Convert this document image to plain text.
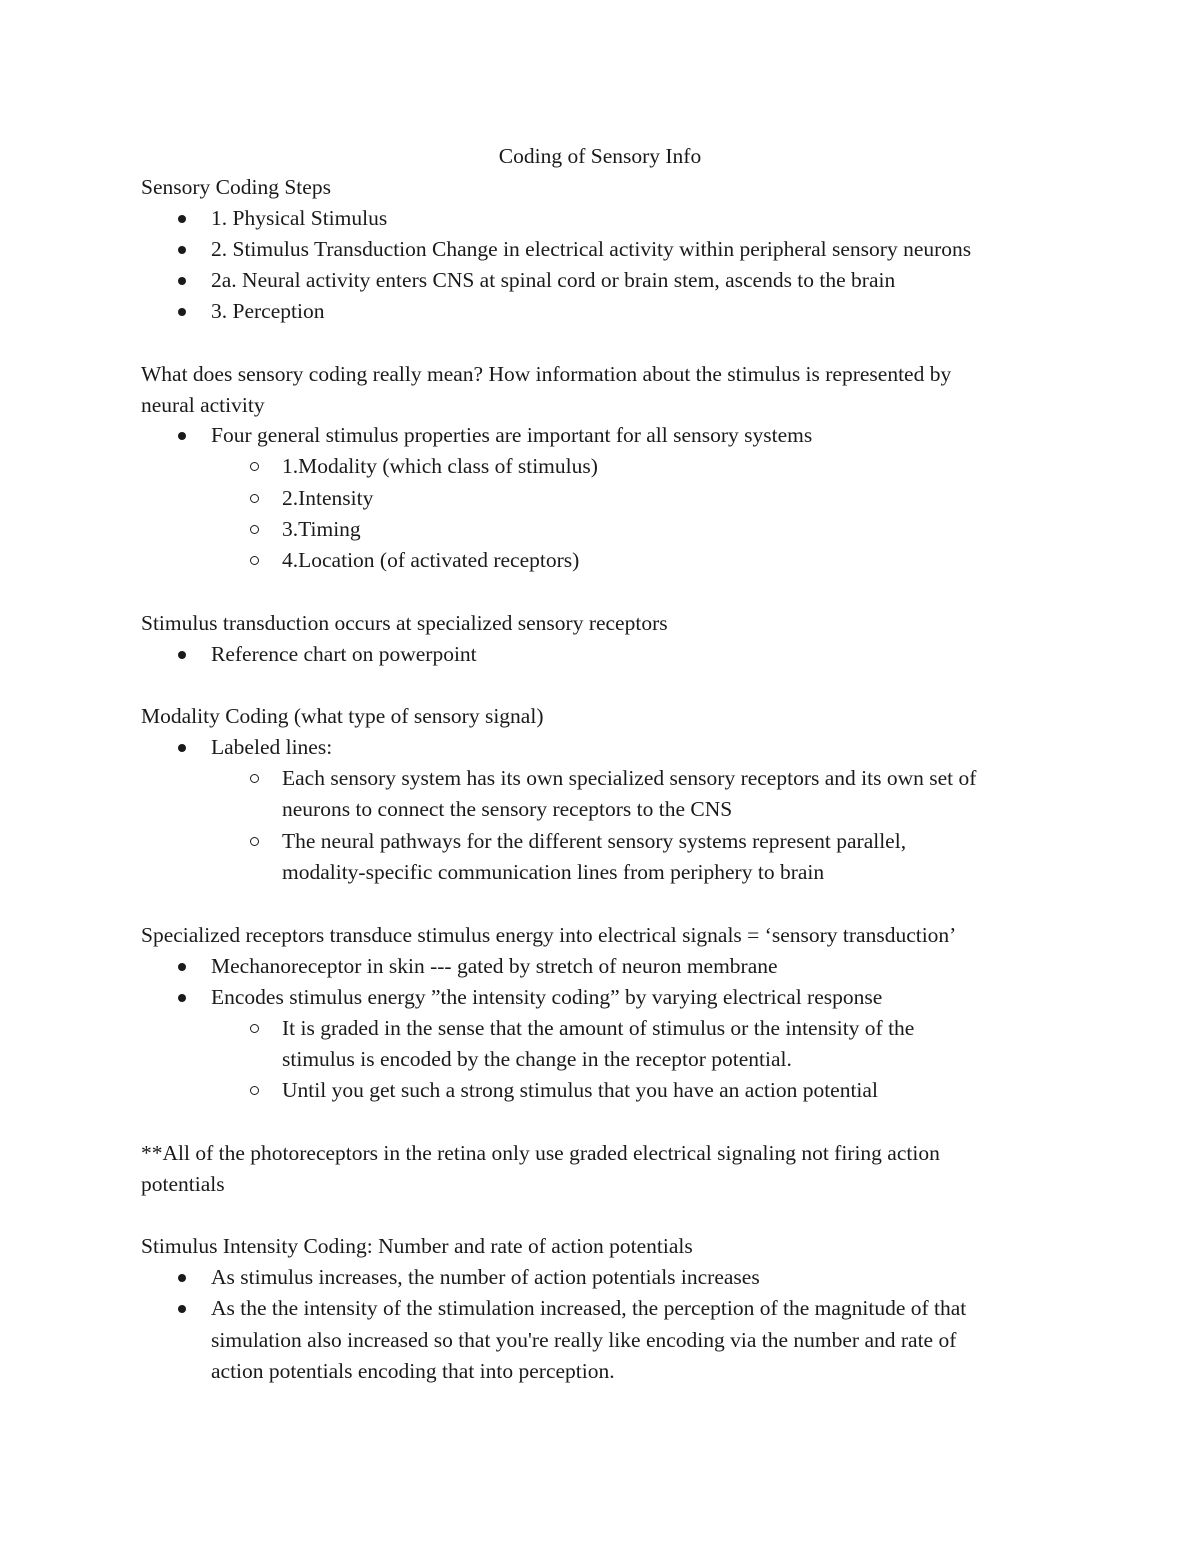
Coding of Sensory Info
Sensory Coding Steps
1. Physical Stimulus
2. Stimulus Transduction Change in electrical activity within peripheral sensory neurons
2a. Neural activity enters CNS at spinal cord or brain stem, ascends to the brain
3. Perception
What does sensory coding really mean? How information about the stimulus is represented by
neural activity
Four general stimulus properties are important for all sensory systems
1.Modality (which class of stimulus)
2.Intensity
3.Timing
4.Location (of activated receptors)
Stimulus transduction occurs at specialized sensory receptors
Reference chart on powerpoint
Modality Coding (what type of sensory signal)
Labeled lines:
Each sensory system has its own specialized sensory receptors and its own set of
neurons to connect the sensory receptors to the CNS
The neural pathways for the different sensory systems represent parallel,
modality-specific communication lines from periphery to brain
Specialized receptors transduce stimulus energy into electrical signals = ‘sensory transduction’
Mechanoreceptor in skin --- gated by stretch of neuron membrane
Encodes stimulus energy ”the intensity coding” by varying electrical response
It is graded in the sense that the amount of stimulus or the intensity of the
stimulus is encoded by the change in the receptor potential.
Until you get such a strong stimulus that you have an action potential
**All of the photoreceptors in the retina only use graded electrical signaling not firing action
potentials
Stimulus Intensity Coding: Number and rate of action potentials
As stimulus increases, the number of action potentials increases
As the the intensity of the stimulation increased, the perception of the magnitude of that
simulation also increased so that you're really like encoding via the number and rate of
action potentials encoding that into perception.
